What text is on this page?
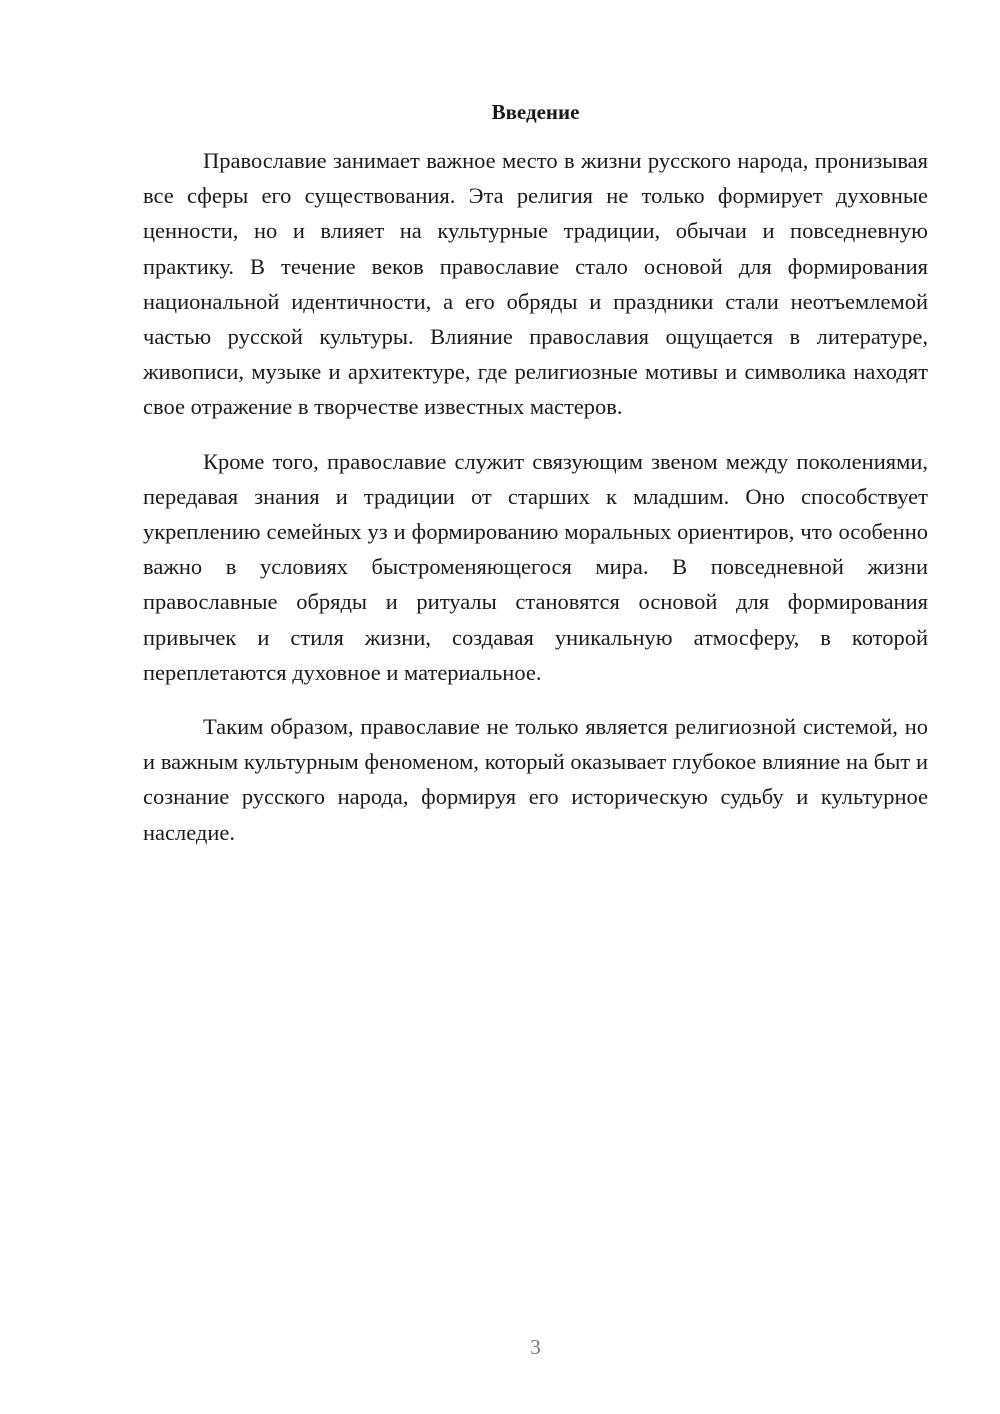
Введение

Православие занимает важное место в жизни русского народа, пронизывая все сферы его существования. Эта религия не только формирует духовные ценности, но и влияет на культурные традиции, обычаи и повседневную практику. В течение веков православие стало основой для формирования национальной идентичности, а его обряды и праздники стали неотъемлемой частью русской культуры. Влияние православия ощущается в литературе, живописи, музыке и архитектуре, где религиозные мотивы и символика находят свое отражение в творчестве известных мастеров.

Кроме того, православие служит связующим звеном между поколениями, передавая знания и традиции от старших к младшим. Оно способствует укреплению семейных уз и формированию моральных ориентиров, что особенно важно в условиях быстроменяющегося мира. В повседневной жизни православные обряды и ритуалы становятся основой для формирования привычек и стиля жизни, создавая уникальную атмосферу, в которой переплетаются духовное и материальное.

Таким образом, православие не только является религиозной системой, но и важным культурным феноменом, который оказывает глубокое влияние на быт и сознание русского народа, формируя его историческую судьбу и культурное наследие.

3
